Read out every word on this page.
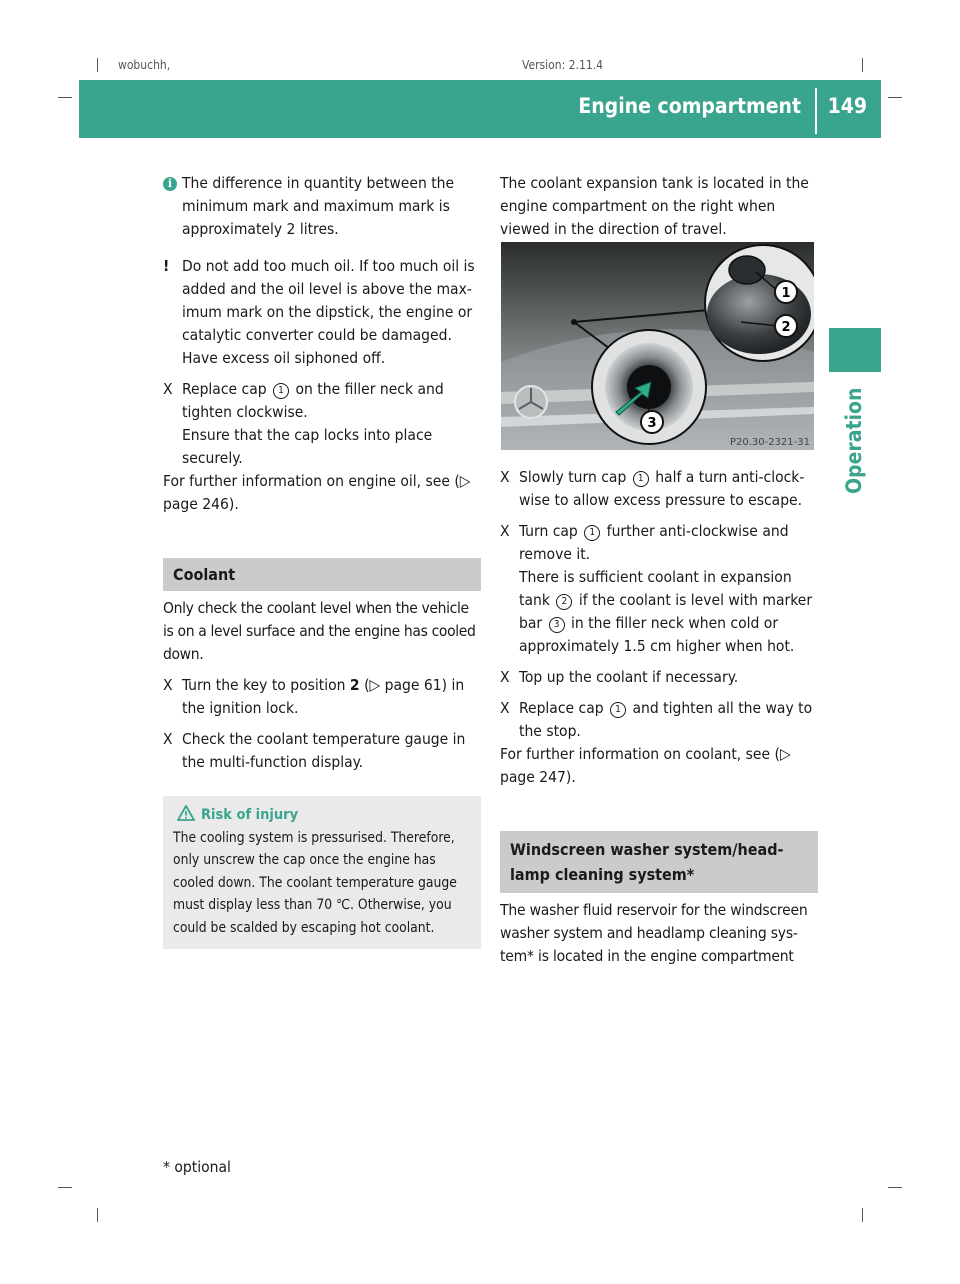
wobuchh,	Version: 2.11.4
Engine compartment 149
Operation

i The difference in quantity between the minimum mark and maximum mark is approximately 2 litres.

! Do not add too much oil. If too much oil is added and the oil level is above the max-imum mark on the dipstick, the engine or catalytic converter could be damaged. Have excess oil siphoned off.

X Replace cap 1 on the filler neck and tighten clockwise.

Ensure that the cap locks into place securely.

For further information on engine oil, see (▷ page 246).

Coolant

Only check the coolant level when the vehicle is on a level surface and the engine has cooled down.

X Turn the key to position 2 (▷ page 61) in the ignition lock.

X Check the coolant temperature gauge in the multi-function display.

Risk of injury
The cooling system is pressurised. Therefore, only unscrew the cap once the engine has cooled down. The coolant temperature gauge must display less than 70 ℃. Otherwise, you could be scalded by escaping hot coolant.

The coolant expansion tank is located in the engine compartment on the right when viewed in the direction of travel.

1
2
3
P20.30-2321-31

X Slowly turn cap 1 half a turn anti-clock-wise to allow excess pressure to escape.

X Turn cap 1 further anti-clockwise and remove it.

There is sufficient coolant in expansion tank 2 if the coolant is level with marker bar 3 in the filler neck when cold or approximately 1.5 cm higher when hot.

X Top up the coolant if necessary.

X Replace cap 1 and tighten all the way to the stop.

For further information on coolant, see (▷ page 247).

Windscreen washer system/head-lamp cleaning system*

The washer fluid reservoir for the windscreen washer system and headlamp cleaning sys-tem* is located in the engine compartment

* optional
